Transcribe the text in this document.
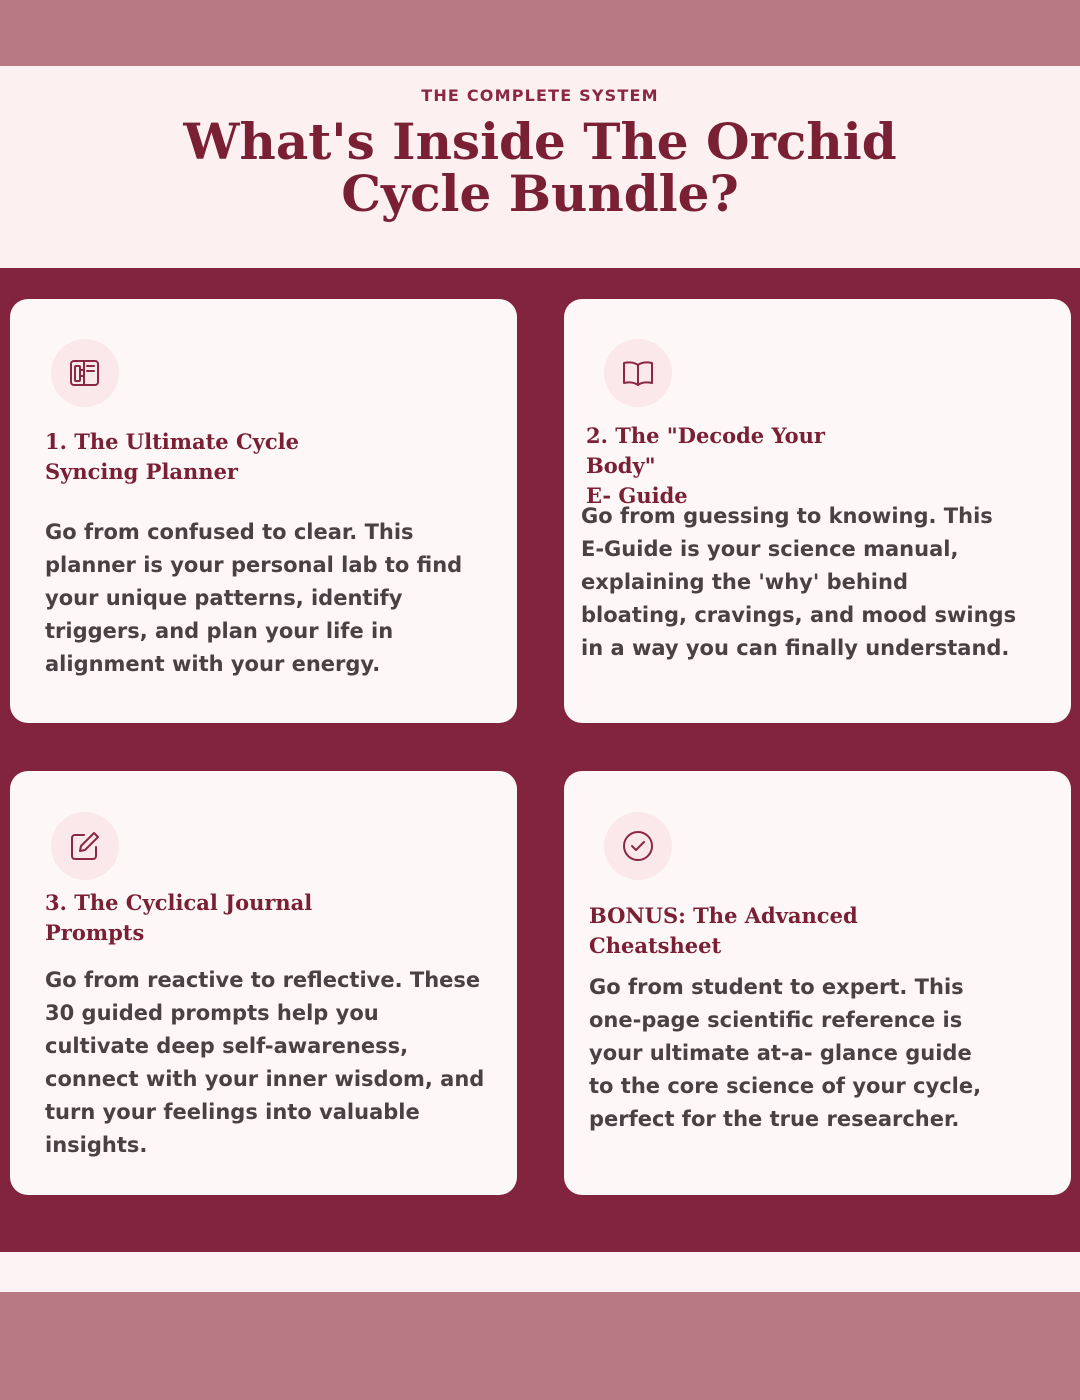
THE COMPLETE SYSTEM
What's Inside The Orchid Cycle Bundle?
1. The Ultimate Cycle
Syncing Planner
Go from confused to clear. This planner is your personal lab to find your unique patterns, identify triggers, and plan your life in alignment with your energy.
2. The "Decode Your Body"
E- Guide
Go from guessing to knowing. This E-Guide is your science manual, explaining the 'why' behind bloating, cravings, and mood swings in a way you can finally understand.
3. The Cyclical Journal
Prompts
Go from reactive to reflective. These 30 guided prompts help you cultivate deep self-awareness, connect with your inner wisdom, and turn your feelings into valuable insights.
BONUS: The Advanced
Cheatsheet
Go from student to expert. This one-page scientific reference is your ultimate at-a- glance guide to the core science of your cycle, perfect for the true researcher.
